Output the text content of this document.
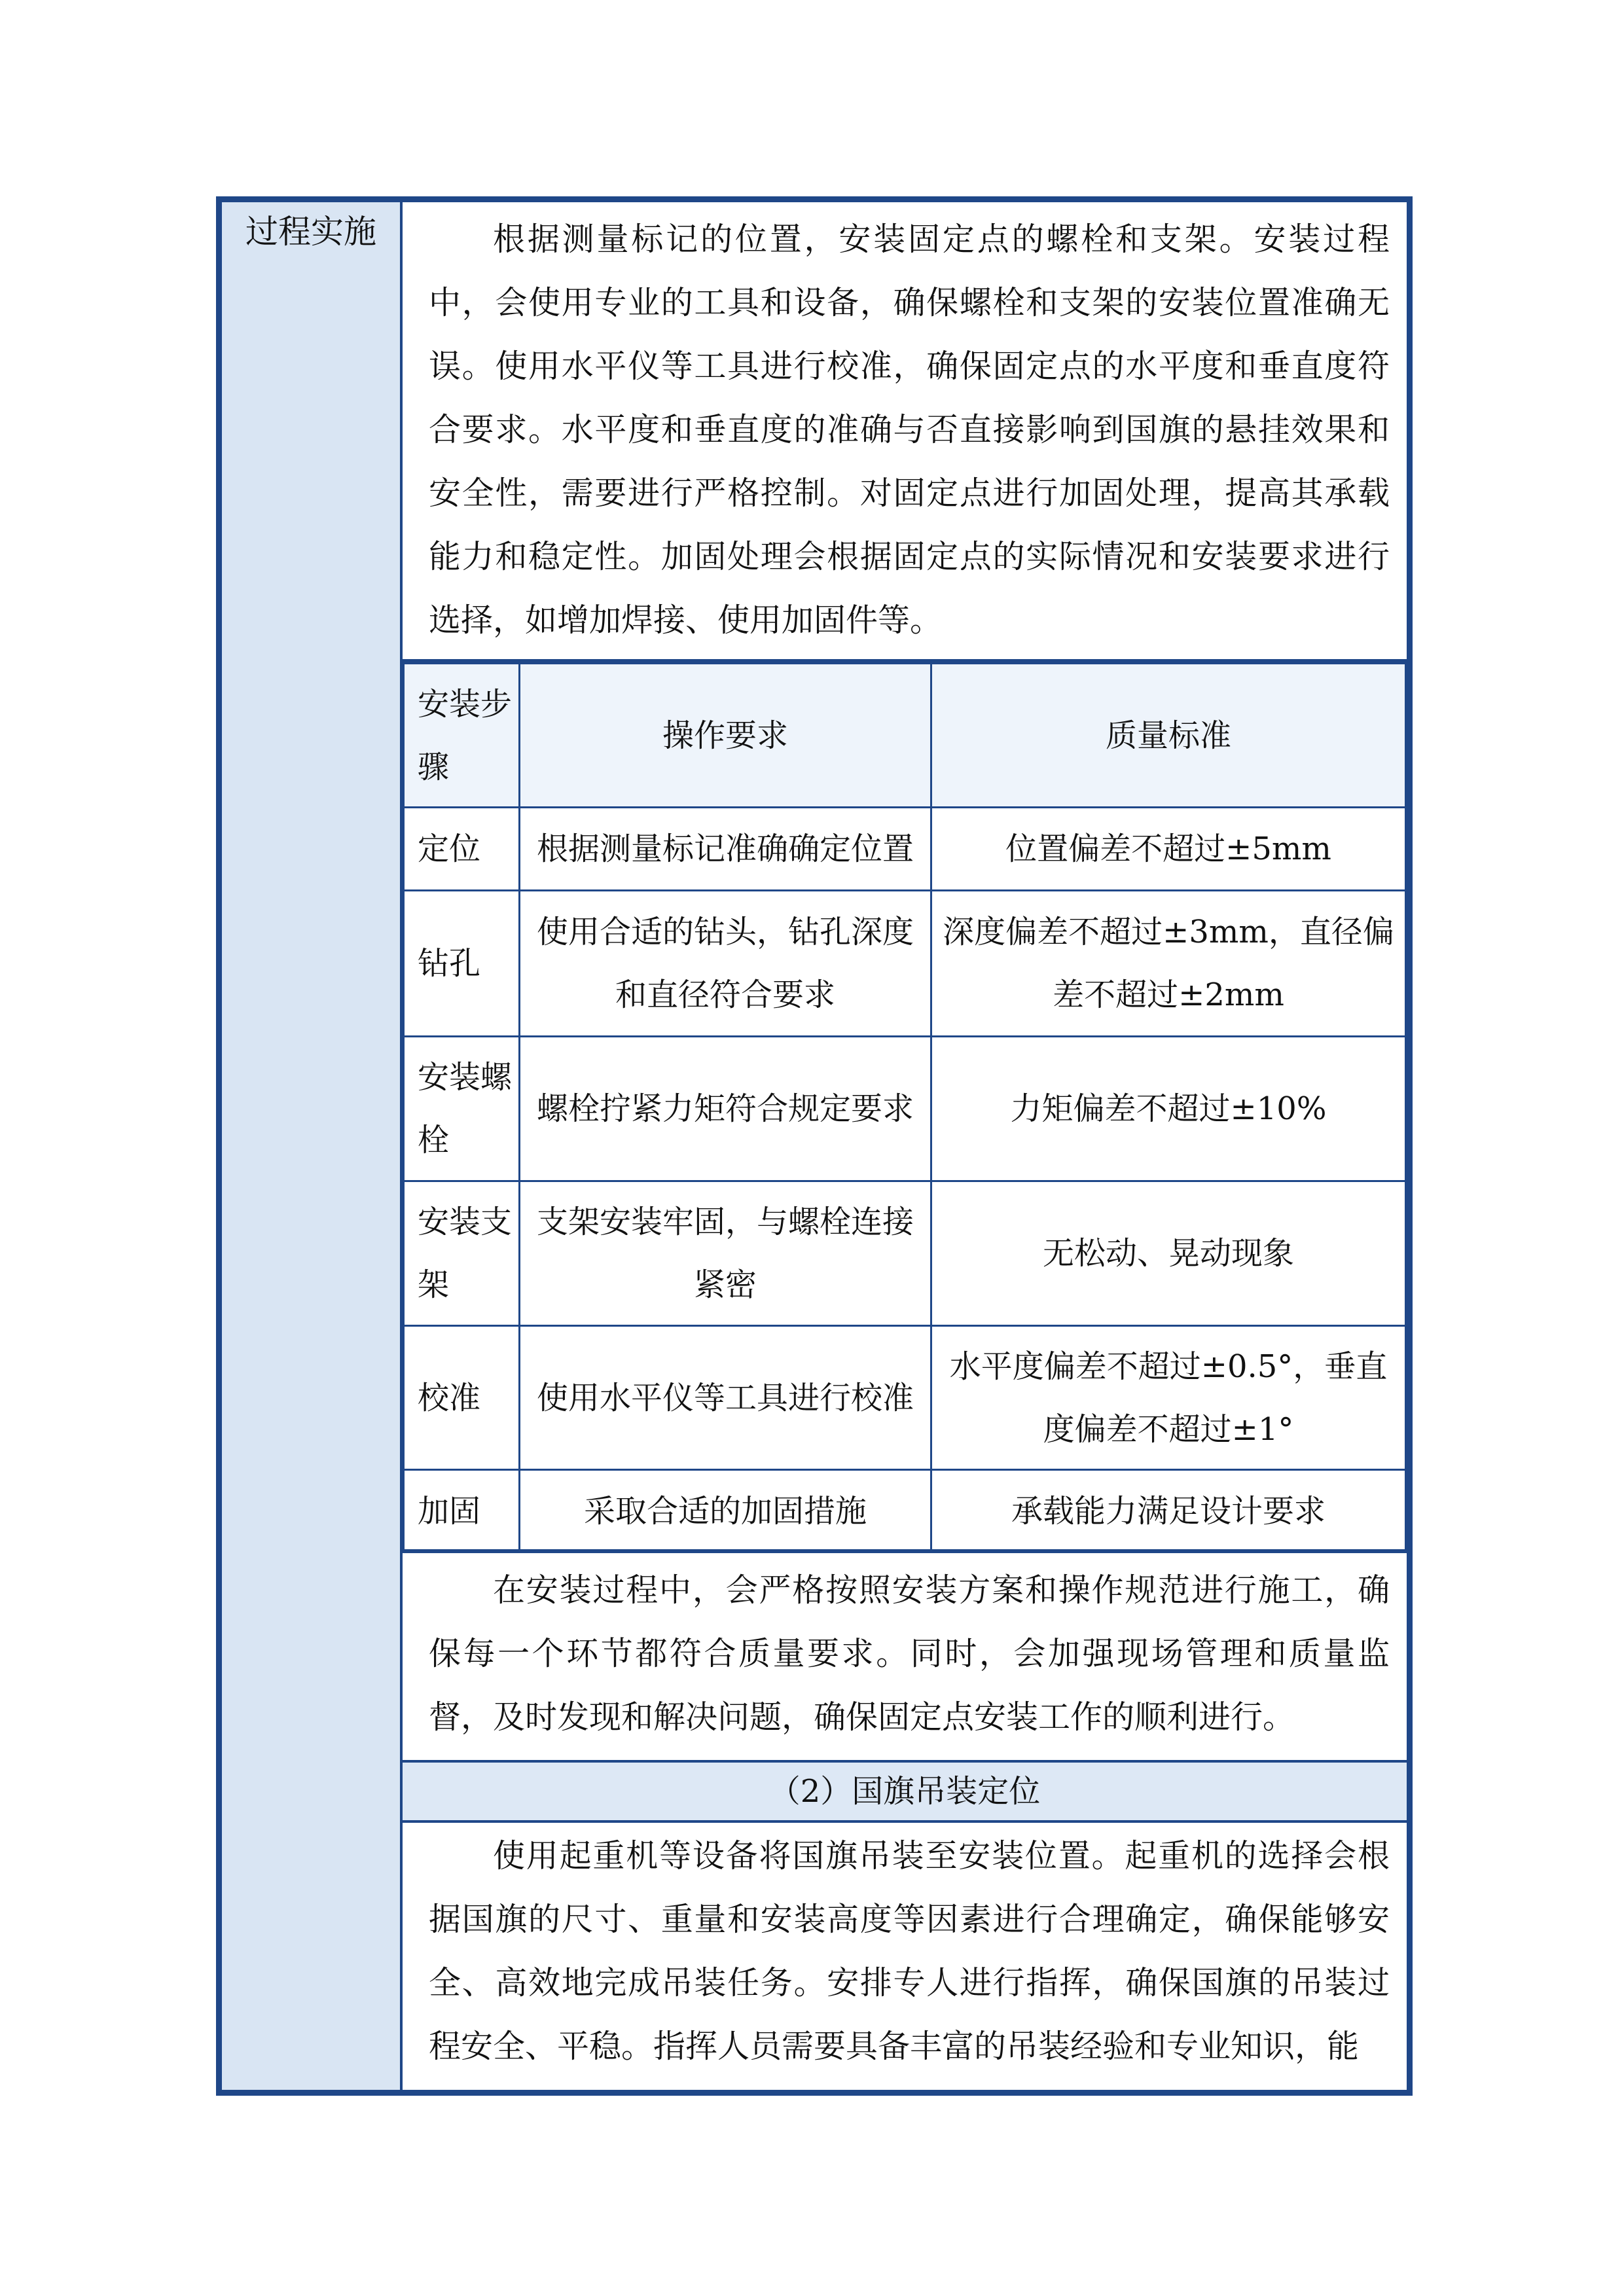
过程实施	根据测量标记的位置，安装固定点的螺栓和支架。安装过程中，会使用专业的工具和设备，确保螺栓和支架的安装位置准确无误。使用水平仪等工具进行校准，确保固定点的水平度和垂直度符合要求。水平度和垂直度的准确与否直接影响到国旗的悬挂效果和安全性，需要进行严格控制。对固定点进行加固处理，提高其承载能力和稳定性。加固处理会根据固定点的实际情况和安装要求进行选择，如增加焊接、使用加固件等。
安装步骤	操作要求	质量标准
定位	根据测量标记准确确定位置	位置偏差不超过±5mm
钻孔	使用合适的钻头，钻孔深度和直径符合要求	深度偏差不超过±3mm，直径偏差不超过±2mm
安装螺栓	螺栓拧紧力矩符合规定要求	力矩偏差不超过±10%
安装支架	支架安装牢固，与螺栓连接紧密	无松动、晃动现象
校准	使用水平仪等工具进行校准	水平度偏差不超过±0.5°，垂直度偏差不超过±1°
加固	采取合适的加固措施	承载能力满足设计要求
在安装过程中，会严格按照安装方案和操作规范进行施工，确保每一个环节都符合质量要求。同时，会加强现场管理和质量监督，及时发现和解决问题，确保固定点安装工作的顺利进行。
（2）国旗吊装定位
使用起重机等设备将国旗吊装至安装位置。起重机的选择会根据国旗的尺寸、重量和安装高度等因素进行合理确定，确保能够安全、高效地完成吊装任务。安排专人进行指挥，确保国旗的吊装过程安全、平稳。指挥人员需要具备丰富的吊装经验和专业知识，能
